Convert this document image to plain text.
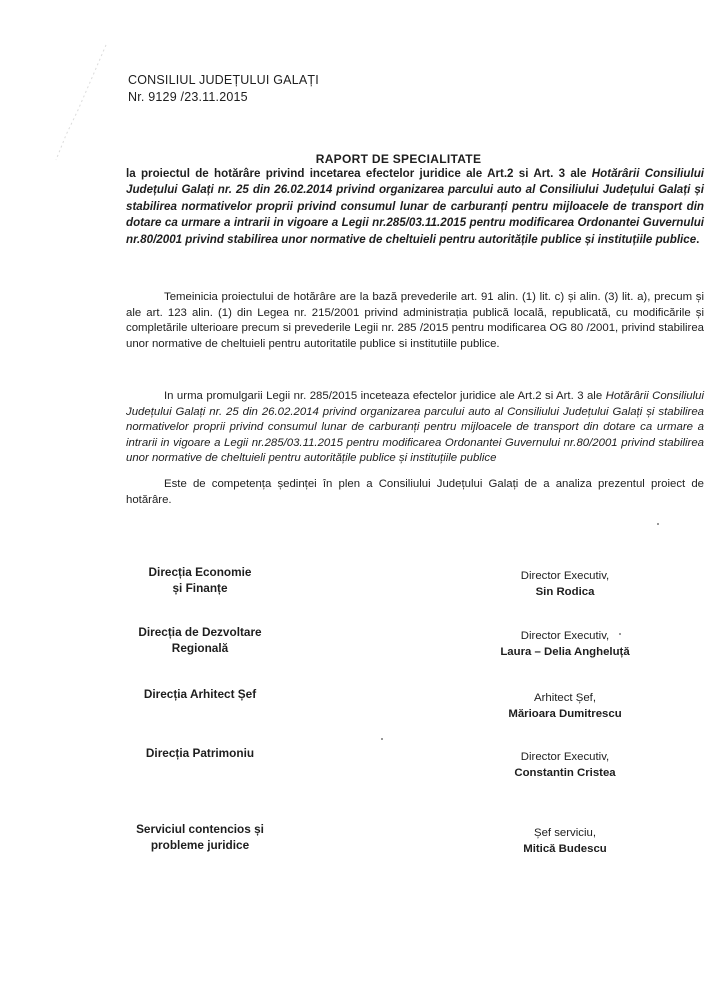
CONSILIUL JUDEȚULUI GALAȚI
Nr. 9129 /23.11.2015
RAPORT DE SPECIALITATE
la proiectul de hotărâre privind incetarea efectelor juridice ale Art.2 si Art. 3 ale Hotărârii Consiliului Județului Galați nr. 25 din 26.02.2014 privind organizarea parcului auto al Consiliului Județului Galați și stabilirea normativelor proprii privind consumul lunar de carburanți pentru mijloacele de transport din dotare ca urmare a intrarii in vigoare a Legii nr.285/03.11.2015 pentru modificarea Ordonantei Guvernului nr.80/2001 privind stabilirea unor normative de cheltuieli pentru autoritățile publice și instituțiile publice.
Temeinicia proiectului de hotărâre are la bază prevederile art. 91 alin. (1) lit. c) și alin. (3) lit. a), precum și ale art. 123 alin. (1) din Legea nr. 215/2001 privind administrația publică locală, republicată, cu modificările și completările ulterioare precum si prevederile Legii nr. 285 /2015 pentru modificarea OG 80 /2001, privind stabilirea unor normative de cheltuieli pentru autoritatile publice si institutiile publice.
In urma promulgarii Legii nr. 285/2015 inceteaza efectelor juridice ale Art.2 si Art. 3 ale Hotărârii Consiliului Județului Galați nr. 25 din 26.02.2014 privind organizarea parcului auto al Consiliului Județului Galați și stabilirea normativelor proprii privind consumul lunar de carburanți pentru mijloacele de transport din dotare ca urmare a intrarii in vigoare a Legii nr.285/03.11.2015 pentru modificarea Ordonantei Guvernului nr.80/2001 privind stabilirea unor normative de cheltuieli pentru autoritățile publice și instituțiile publice
Este de competența ședinței în plen a Consiliului Județului Galați de a analiza prezentul proiect de hotărâre.
Direcția Economie
și Finanțe
Director Executiv,
Sin Rodica
Direcția de Dezvoltare
Regională
Director Executiv,
Laura – Delia Angheluță
Direcția Arhitect Șef	Arhitect Șef,
Mărioara Dumitrescu
Direcția Patrimoniu	Director Executiv,
Constantin Cristea
Serviciul contencios și
probleme juridice
Șef serviciu,
Mitică Budescu
